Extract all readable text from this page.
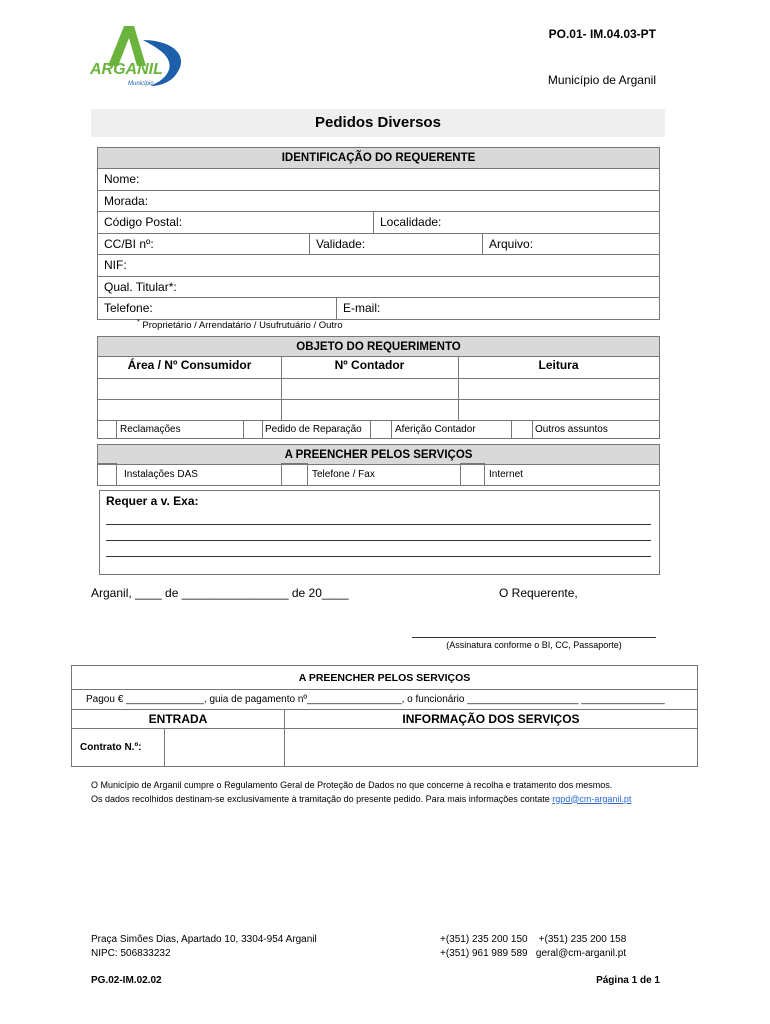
ARGANIL
Município
PO.01- IM.04.03-PT
Município de Arganil
Pedidos Diversos
IDENTIFICAÇÃO DO REQUERENTE
Nome:
Morada:
Código Postal:	Localidade:
CC/BI nº:	Validade:	Arquivo:
NIF:
Qual. Titular*:
Telefone:	E-mail:
* Proprietário / Arrendatário / Usufrutuário / Outro
OBJETO DO REQUERIMENTO
Área / Nº Consumidor	Nº Contador	Leitura
Reclamações	Pedido de Reparação	Aferição Contador	Outros assuntos
A PREENCHER PELOS SERVIÇOS
Instalações DAS	Telefone / Fax	Internet
Requer a v. Exa:
Arganil, ____ de ________________ de 20____	O Requerente,
(Assinatura conforme o BI, CC, Passaporte)
A PREENCHER PELOS SERVIÇOS
Pagou € ______________, guia de pagamento nº_________________, o funcionário ____________________ _______________
ENTRADA	INFORMAÇÃO DOS SERVIÇOS
Contrato N.º:
O Município de Arganil cumpre o Regulamento Geral de Proteção de Dados no que concerne à recolha e tratamento dos mesmos.
Os dados recolhidos destinam-se exclusivamente à tramitação do presente pedido. Para mais informações contate rgpd@cm-arganil.pt
Praça Simões Dias, Apartado 10, 3304-954 Arganil
NIPC: 506833232
+(351) 235 200 150    +(351) 235 200 158
+(351) 961 989 589   geral@cm-arganil.pt
PG.02-IM.02.02	Página 1 de 1
